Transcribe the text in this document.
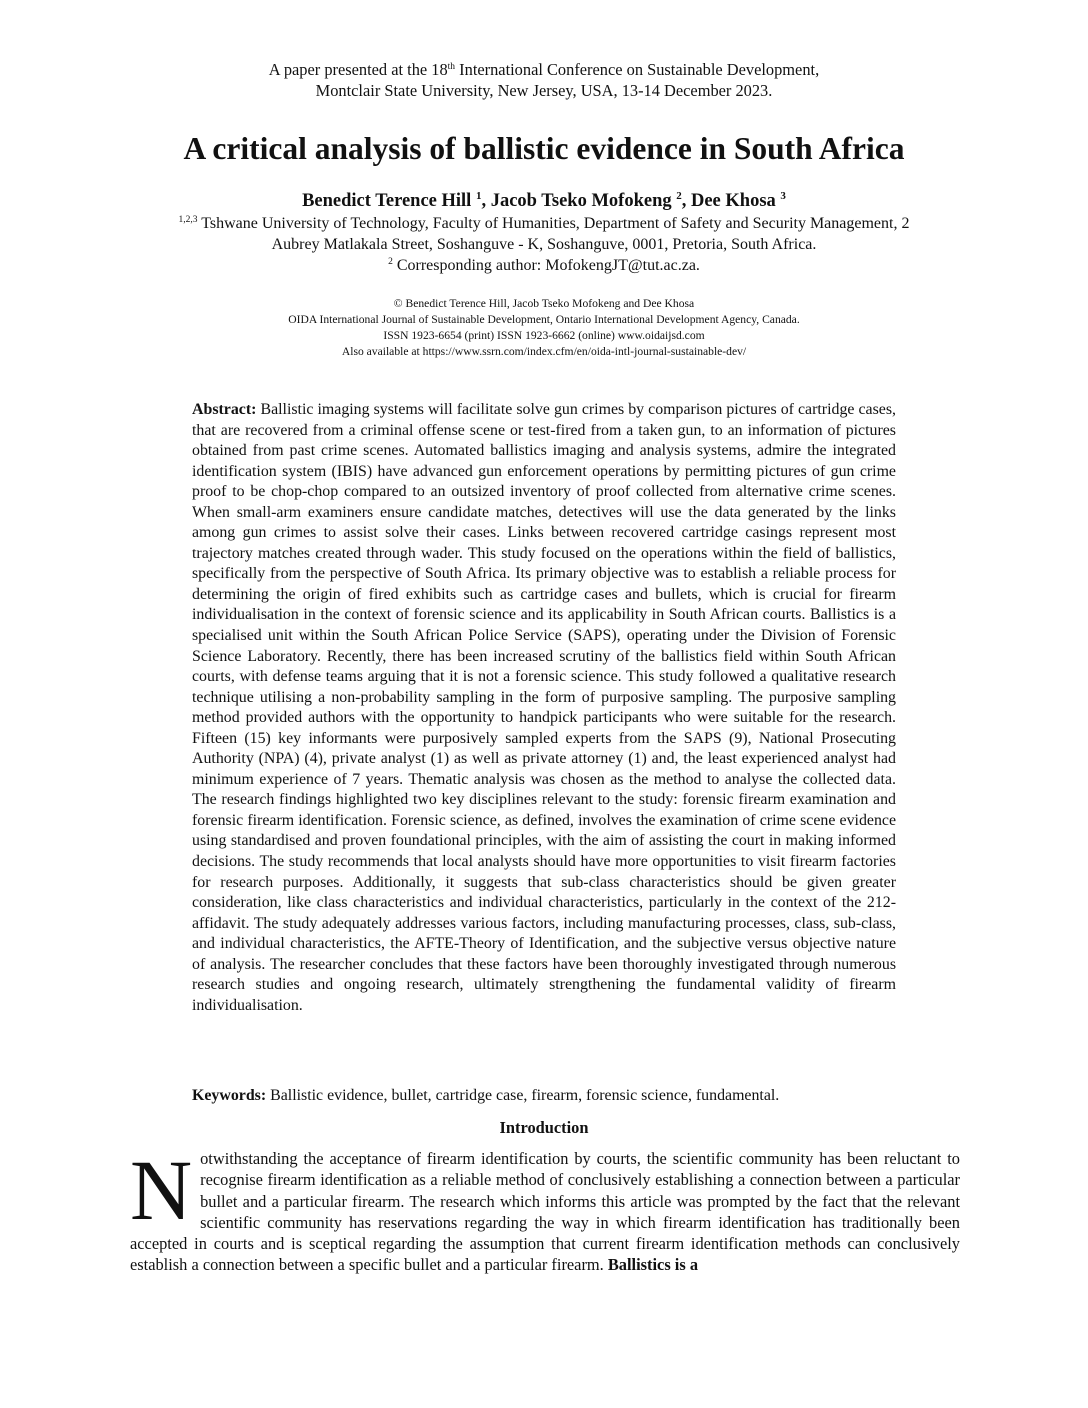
A paper presented at the 18th International Conference on Sustainable Development,
Montclair State University, New Jersey, USA, 13-14 December 2023.
A critical analysis of ballistic evidence in South Africa
Benedict Terence Hill $^1$, Jacob Tseko Mofokeng $^2$, Dee Khosa $^3$
$^{1,2,3}$ Tshwane University of Technology, Faculty of Humanities, Department of Safety and Security Management, 2
Aubrey Matlakala Street, Soshanguve - K, Soshanguve, 0001, Pretoria, South Africa.
$^2$ Corresponding author: MofokengJT@tut.ac.za.
© Benedict Terence Hill, Jacob Tseko Mofokeng and Dee Khosa
OIDA International Journal of Sustainable Development, Ontario International Development Agency, Canada.
ISSN 1923-6654 (print) ISSN 1923-6662 (online) www.oidaijsd.com
Also available at https://www.ssrn.com/index.cfm/en/oida-intl-journal-sustainable-dev/

Abstract: Ballistic imaging systems will facilitate solve gun crimes by comparison pictures of cartridge cases, that are recovered from a criminal offense scene or test-fired from a taken gun, to an information of pictures obtained from past crime scenes. Automated ballistics imaging and analysis systems, admire the integrated identification system (IBIS) have advanced gun enforcement operations by permitting pictures of gun crime proof to be chop-chop compared to an outsized inventory of proof collected from alternative crime scenes. When small-arm examiners ensure candidate matches, detectives will use the data generated by the links among gun crimes to assist solve their cases. Links between recovered cartridge casings represent most trajectory matches created through wader. This study focused on the operations within the field of ballistics, specifically from the perspective of South Africa. Its primary objective was to establish a reliable process for determining the origin of fired exhibits such as cartridge cases and bullets, which is crucial for firearm individualisation in the context of forensic science and its applicability in South African courts. Ballistics is a specialised unit within the South African Police Service (SAPS), operating under the Division of Forensic Science Laboratory. Recently, there has been increased scrutiny of the ballistics field within South African courts, with defense teams arguing that it is not a forensic science. This study followed a qualitative research technique utilising a non-probability sampling in the form of purposive sampling. The purposive sampling method provided authors with the opportunity to handpick participants who were suitable for the research. Fifteen (15) key informants were purposively sampled experts from the SAPS (9), National Prosecuting Authority (NPA) (4), private analyst (1) as well as private attorney (1) and, the least experienced analyst had minimum experience of 7 years. Thematic analysis was chosen as the method to analyse the collected data. The research findings highlighted two key disciplines relevant to the study: forensic firearm examination and forensic firearm identification. Forensic science, as defined, involves the examination of crime scene evidence using standardised and proven foundational principles, with the aim of assisting the court in making informed decisions. The study recommends that local analysts should have more opportunities to visit firearm factories for research purposes. Additionally, it suggests that sub-class characteristics should be given greater consideration, like class characteristics and individual characteristics, particularly in the context of the 212-affidavit. The study adequately addresses various factors, including manufacturing processes, class, sub-class, and individual characteristics, the AFTE-Theory of Identification, and the subjective versus objective nature of analysis. The researcher concludes that these factors have been thoroughly investigated through numerous research studies and ongoing research, ultimately strengthening the fundamental validity of firearm individualisation.

Keywords: Ballistic evidence, bullet, cartridge case, firearm, forensic science, fundamental.

Introduction

Notwithstanding the acceptance of firearm identification by courts, the scientific community has been reluctant to recognise firearm identification as a reliable method of conclusively establishing a connection between a particular bullet and a particular firearm. The research which informs this article was prompted by the fact that the relevant scientific community has reservations regarding the way in which firearm identification has traditionally been accepted in courts and is sceptical regarding the assumption that current firearm identification methods can conclusively establish a connection between a specific bullet and a particular firearm. Ballistics is a
